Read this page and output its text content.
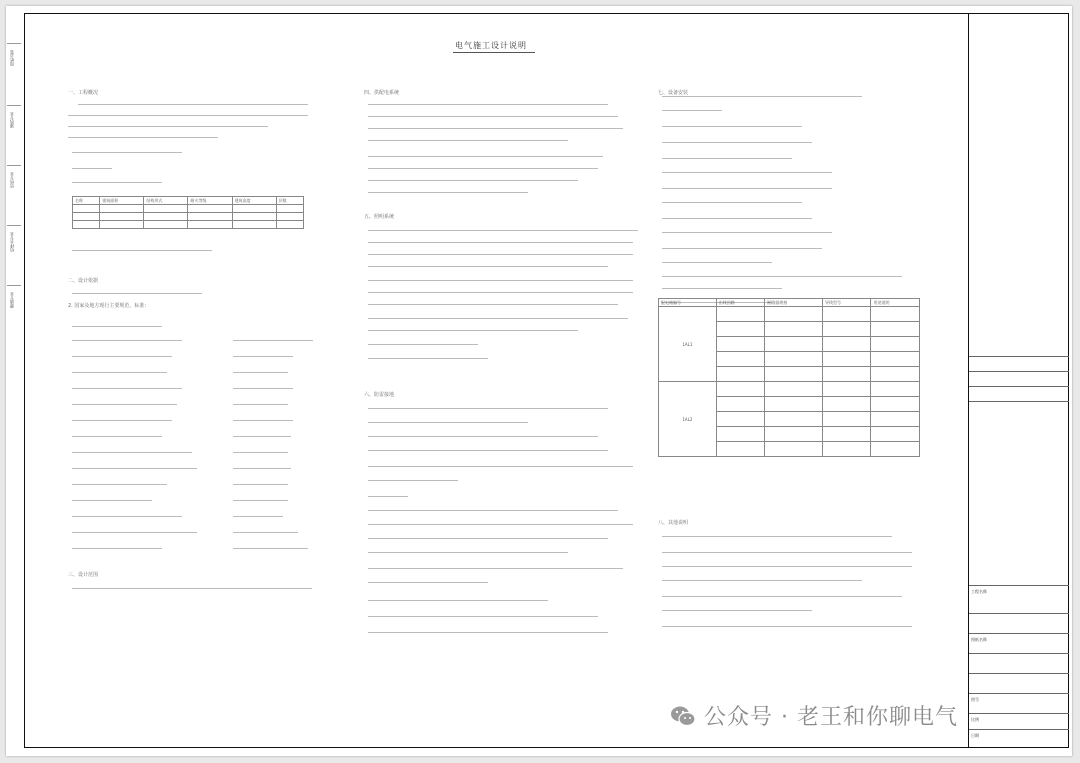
图纸会签
建筑专业
结构专业
给排水专业
暖通专业
电气施工设计说明
一、工程概况
二、设计依据
2. 国家及地方现行主要规范、标准：
三、设计范围
名称	建筑面积	结构形式	耐火等级	建筑高度	层数

四、供配电系统
五、照明系统
六、防雷接地
七、设备安装
八、其他说明
配电箱编号	出线回路	断路器规格	导线型号	用途说明
1AL1				

1AL2				

工程名称
图纸名称
图号
比例
日期
公众号 · 老王和你聊电气
